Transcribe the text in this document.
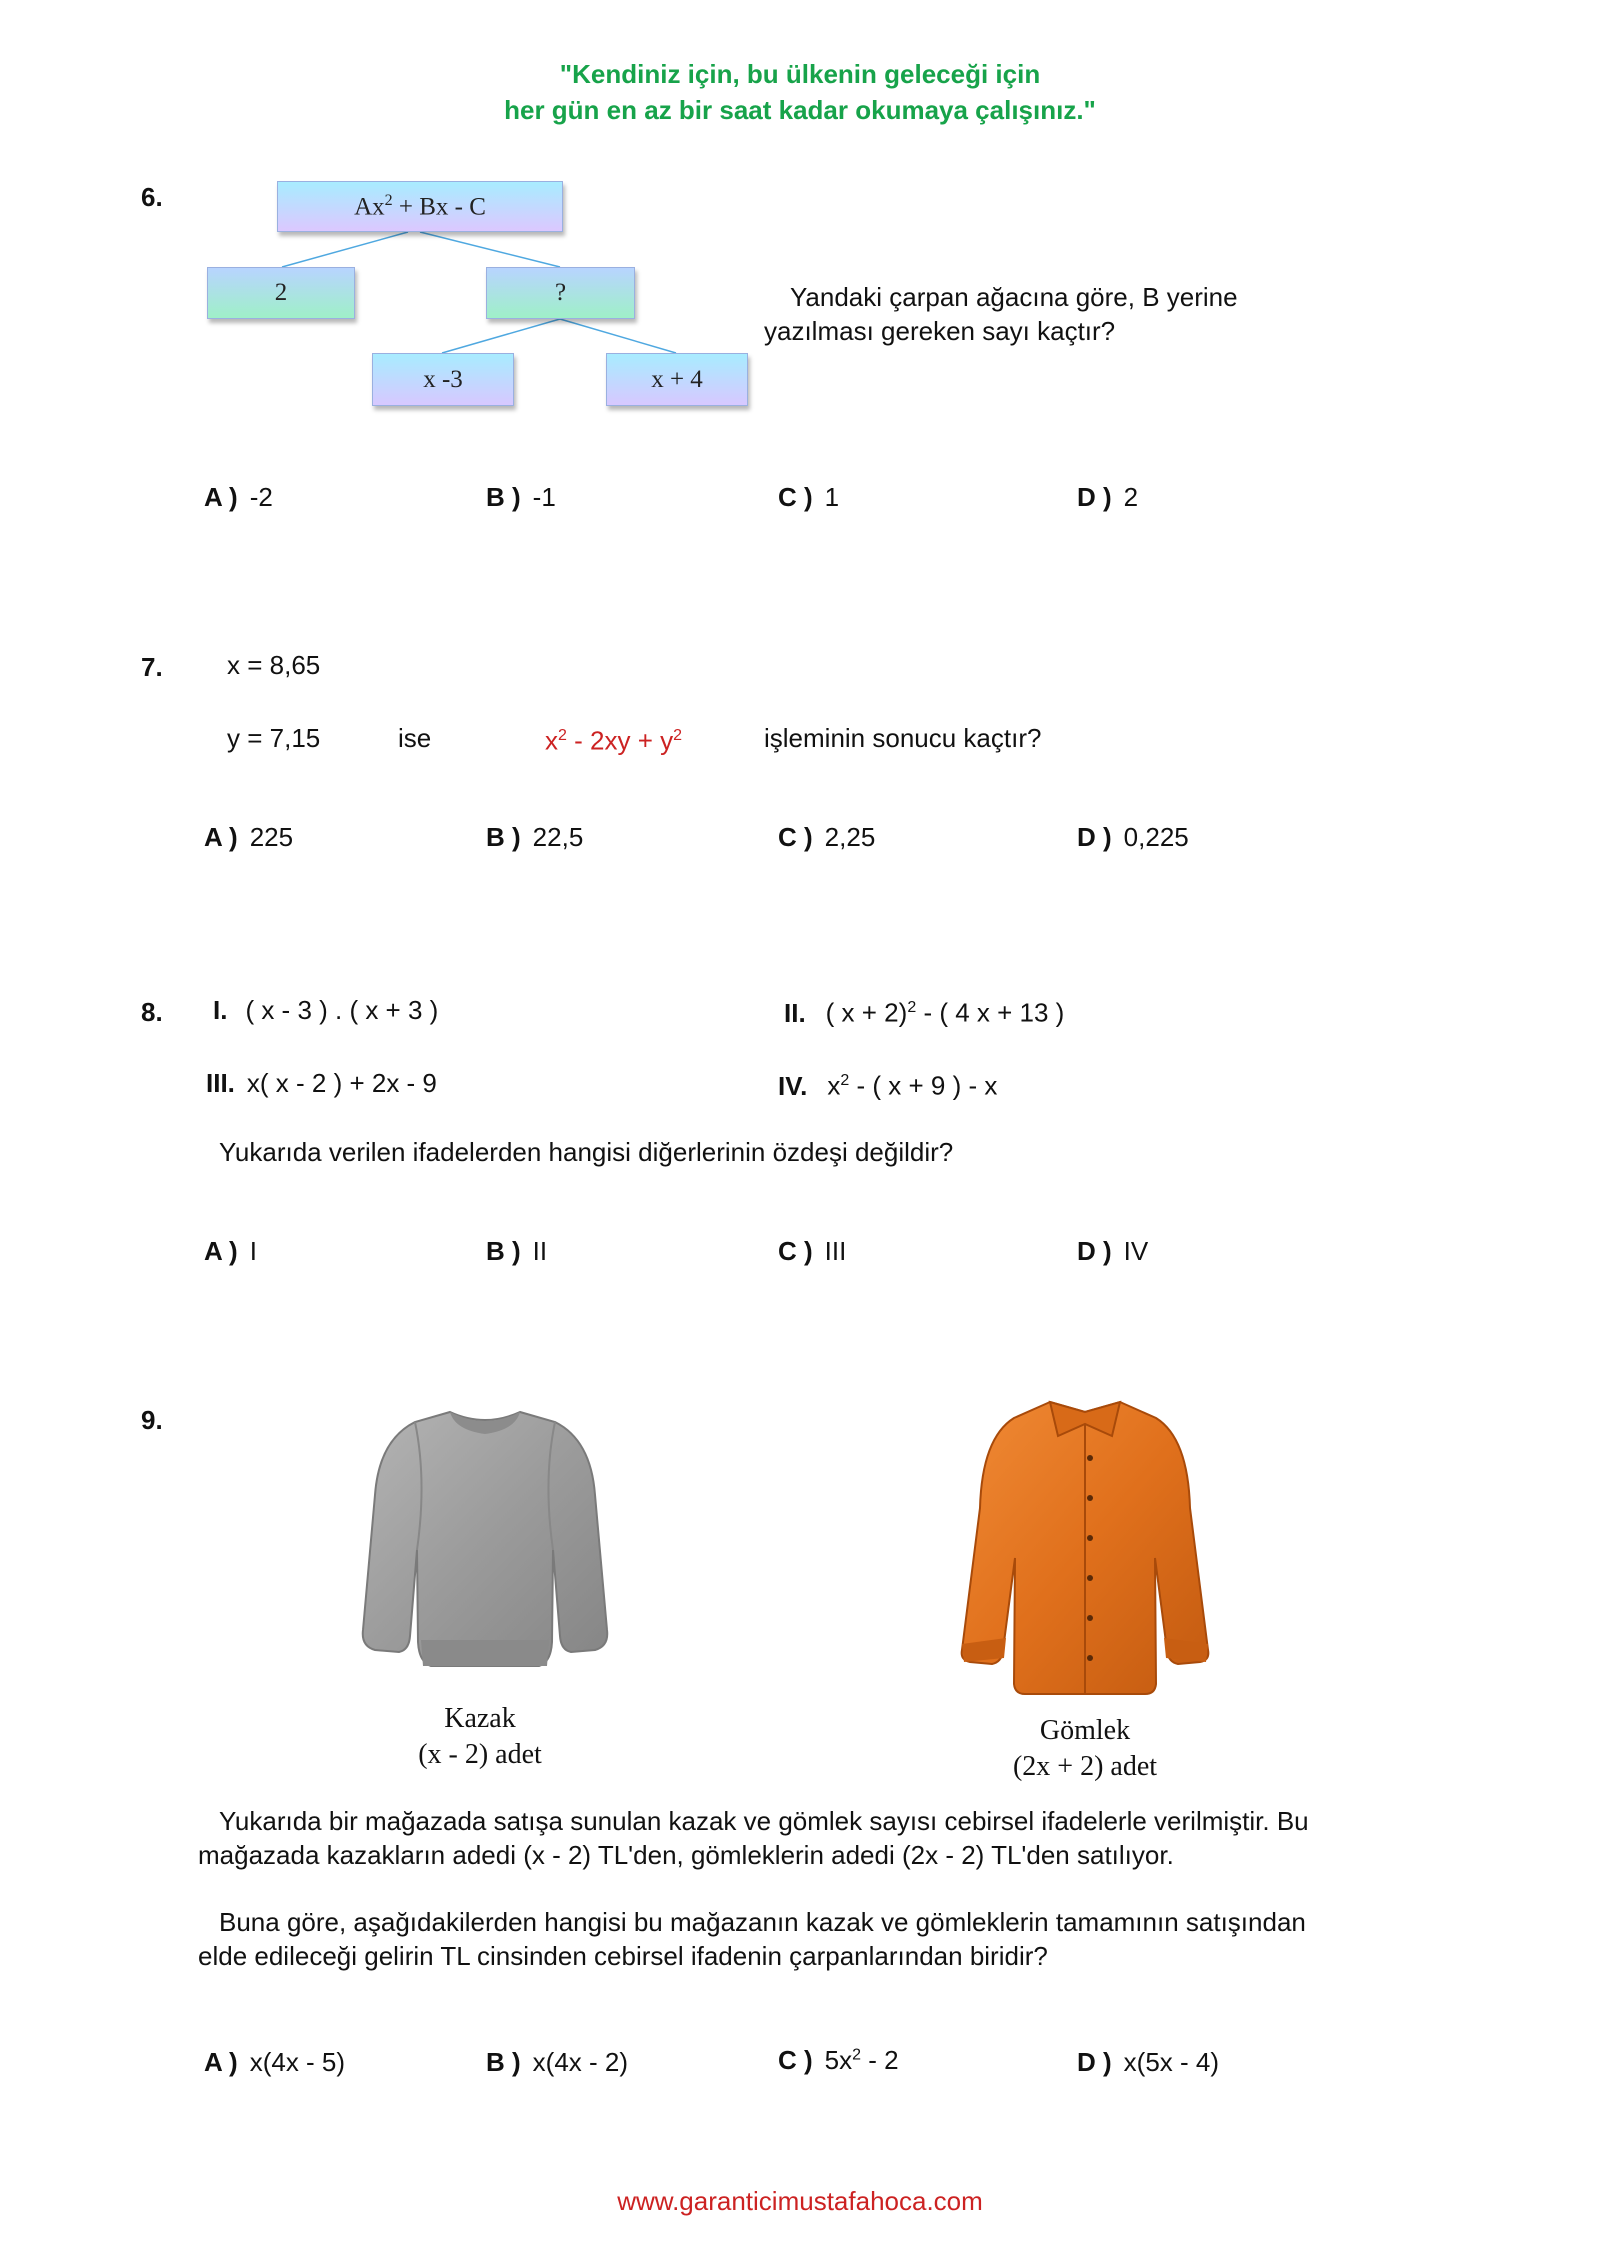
"Kendiniz için, bu ülkenin geleceği için
her gün en az bir saat kadar okumaya çalışınız."
6.	$Ax^2 + Bx - C$
2	?
x -3	x + 4
Yandaki çarpan ağacına göre, B yerine
yazılması gereken sayı kaçtır?
A ) -2	B ) -1	C ) 1	D ) 2
7. x = 8,65
y = 7,15	ise	$x^2 - 2xy + y^2$	işleminin sonucu kaçtır?
A ) 225	B ) 22,5	C ) 2,25	D ) 0,225
8. I. ( x - 3 ) . ( x + 3 )	II. ( x + 2)$^2$ - ( 4 x + 13 )
III. x( x - 2 ) + 2x - 9	IV. $x^2$ - ( x + 9 ) - x
Yukarıda verilen ifadelerden hangisi diğerlerinin özdeşi değildir?
A ) I	B ) II	C ) III	D ) IV
9.
Kazak
(x - 2) adet
Gömlek
(2x + 2) adet
Yukarıda bir mağazada satışa sunulan kazak ve gömlek sayısı cebirsel ifadelerle verilmiştir. Bu
mağazada kazakların adedi (x - 2) TL'den, gömleklerin adedi (2x - 2) TL'den satılıyor.
Buna göre, aşağıdakilerden hangisi bu mağazanın kazak ve gömleklerin tamamının satışından
elde edileceği gelirin TL cinsinden cebirsel ifadenin çarpanlarından biridir?
A ) x(4x - 5)	B ) x(4x - 2)	C ) $5x^2 - 2$	D ) x(5x - 4)
www.garanticimustafahoca.com
